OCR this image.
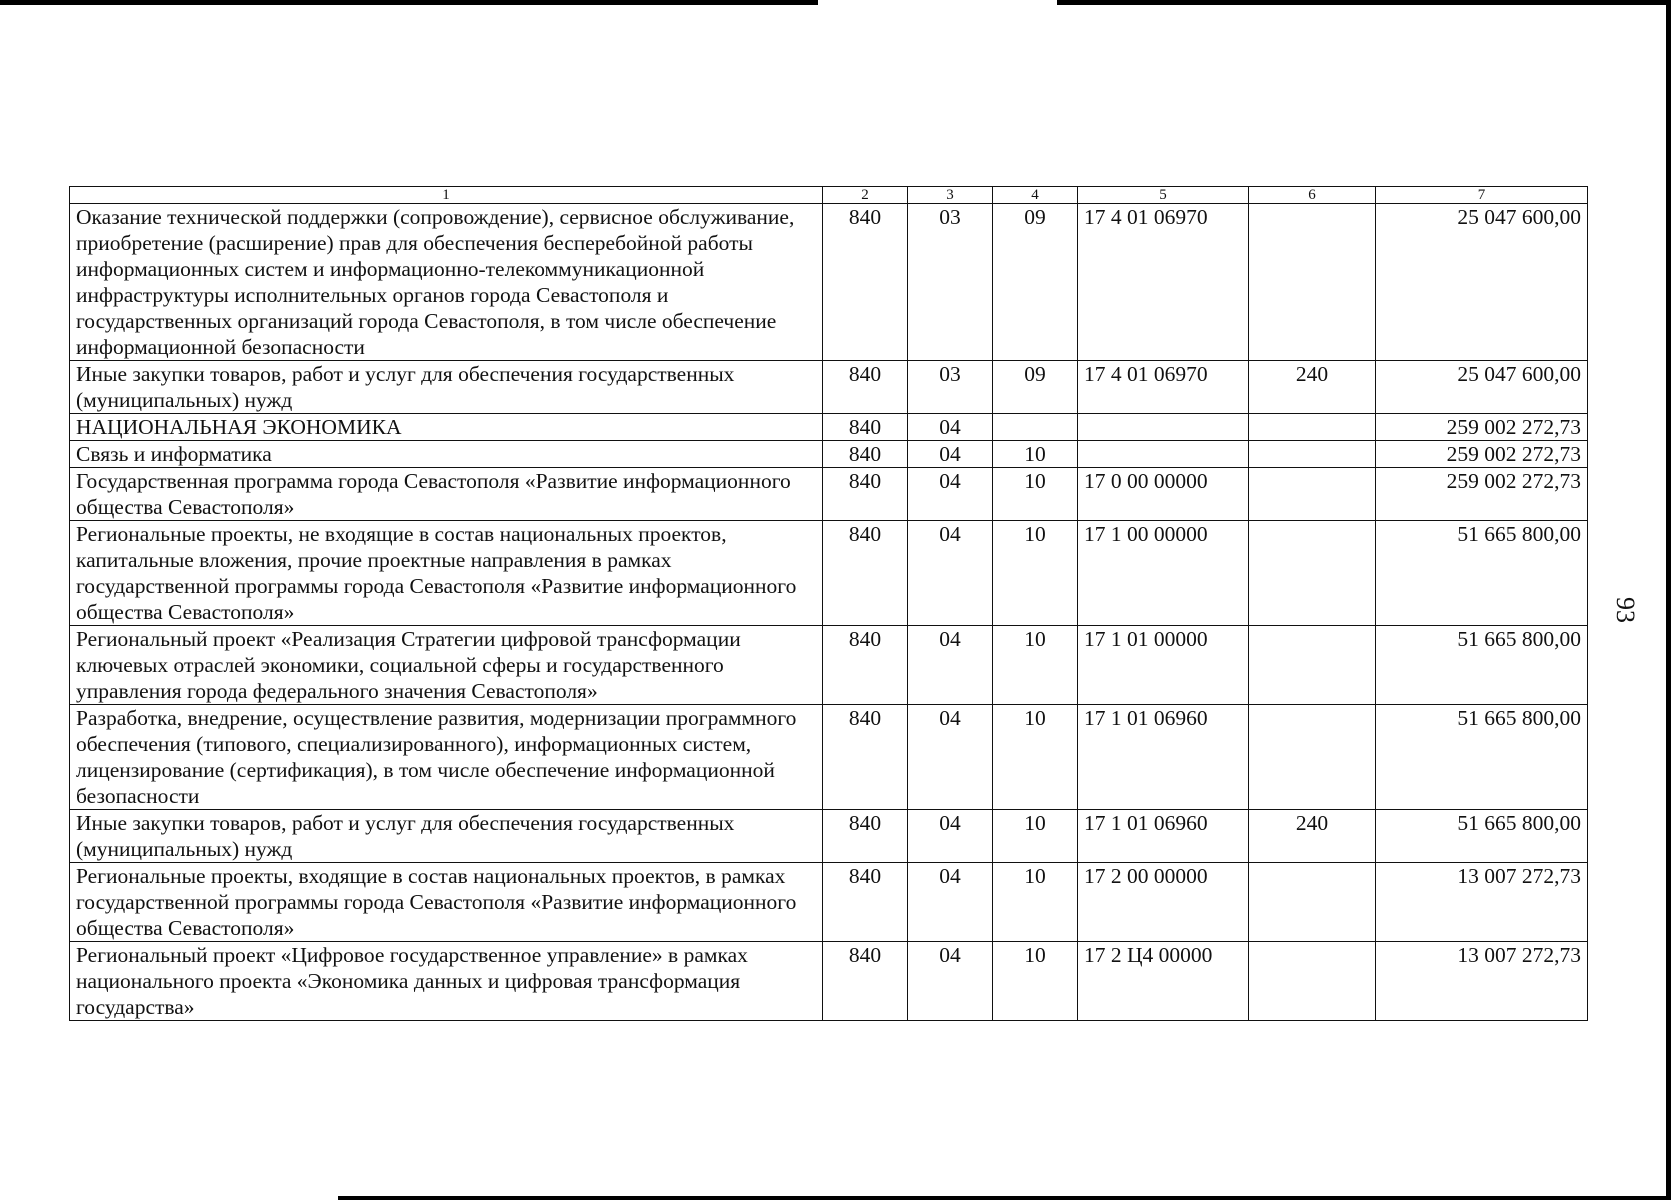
93
1	2	3	4	5	6	7
Оказание технической поддержки (сопровождение), сервисное обслуживание, приобретение (расширение) прав для обеспечения бесперебойной работы информационных систем и информационно-телекоммуникационной инфраструктуры исполнительных органов города Севастополя и государственных организаций города Севастополя, в том числе обеспечение информационной безопасности	840	03	09	17 4 01 06970		25 047 600,00
Иные закупки товаров, работ и услуг для обеспечения государственных (муниципальных) нужд	840	03	09	17 4 01 06970	240	25 047 600,00
НАЦИОНАЛЬНАЯ ЭКОНОМИКА	840	04				259 002 272,73
Связь и информатика	840	04	10			259 002 272,73
Государственная программа города Севастополя «Развитие информационного общества Севастополя»	840	04	10	17 0 00 00000		259 002 272,73
Региональные проекты, не входящие в состав национальных проектов, капитальные вложения, прочие проектные направления в рамках государственной программы города Севастополя «Развитие информационного общества Севастополя»	840	04	10	17 1 00 00000		51 665 800,00
Региональный проект «Реализация Стратегии цифровой трансформации ключевых отраслей экономики, социальной сферы и государственного управления города федерального значения Севастополя»	840	04	10	17 1 01 00000		51 665 800,00
Разработка, внедрение, осуществление развития, модернизации программного обеспечения (типового, специализированного), информационных систем, лицензирование (сертификация), в том числе обеспечение информационной безопасности	840	04	10	17 1 01 06960		51 665 800,00
Иные закупки товаров, работ и услуг для обеспечения государственных (муниципальных) нужд	840	04	10	17 1 01 06960	240	51 665 800,00
Региональные проекты, входящие в состав национальных проектов, в рамках государственной программы города Севастополя «Развитие информационного общества Севастополя»	840	04	10	17 2 00 00000		13 007 272,73
Региональный проект «Цифровое государственное управление» в рамках национального проекта «Экономика данных и цифровая трансформация государства»	840	04	10	17 2 Ц4 00000		13 007 272,73
